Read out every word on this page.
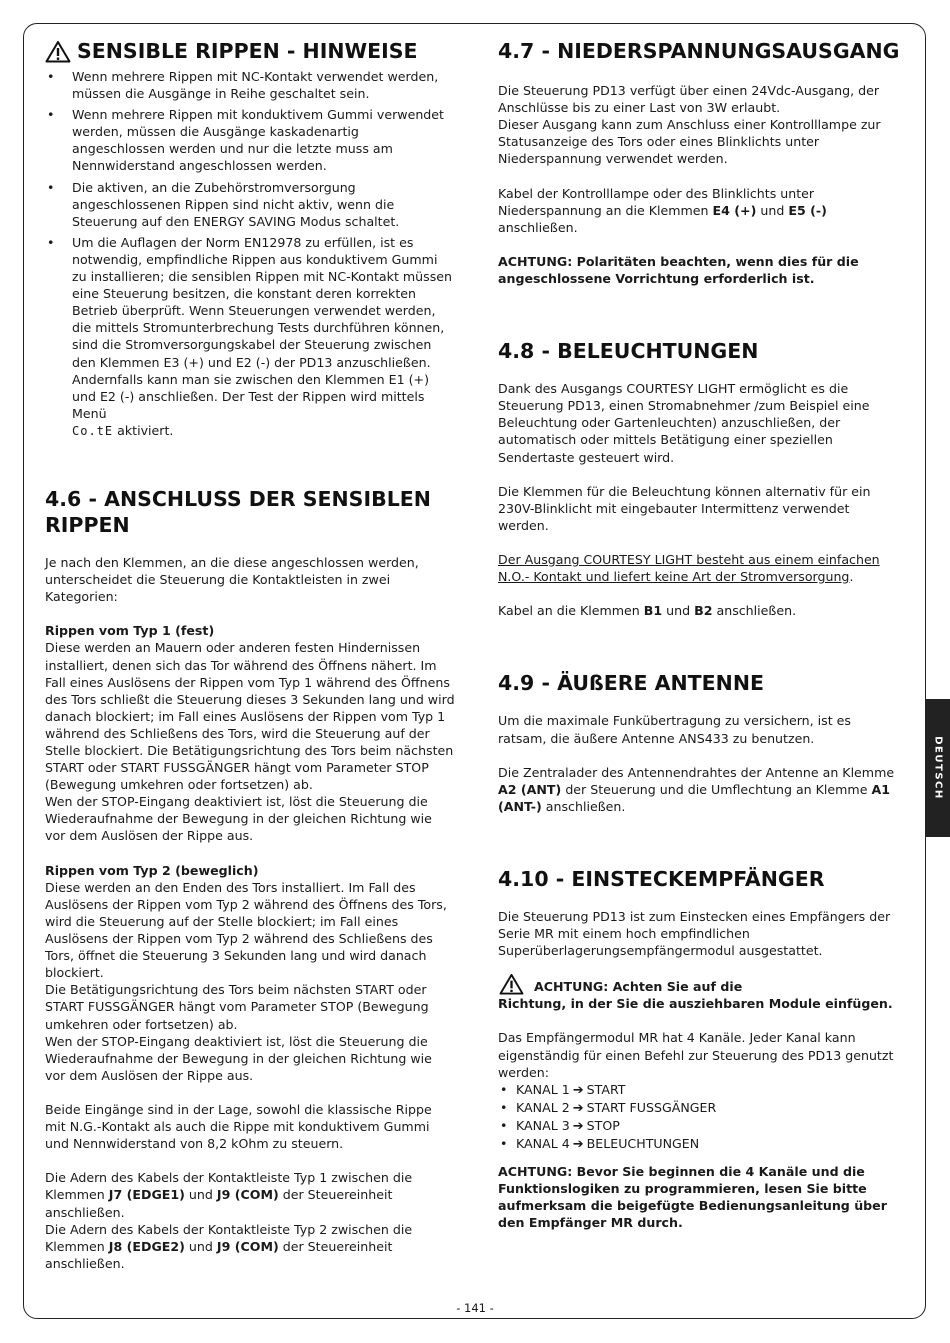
SENSIBLE RIPPEN - HINWEISE
• Wenn mehrere Rippen mit NC-Kontakt verwendet werden, müssen die Ausgänge in Reihe geschaltet sein.
• Wenn mehrere Rippen mit konduktivem Gummi verwendet werden, müssen die Ausgänge kaskadenartig angeschlossen werden und nur die letzte muss am Nennwiderstand angeschlossen werden.
• Die aktiven, an die Zubehörstromversorgung angeschlossenen Rippen sind nicht aktiv, wenn die Steuerung auf den ENERGY SAVING Modus schaltet.
• Um die Auflagen der Norm EN12978 zu erfüllen, ist es notwendig, empfindliche Rippen aus konduktivem Gummi zu installieren; die sensiblen Rippen mit NC-Kontakt müssen eine Steuerung besitzen, die konstant deren korrekten Betrieb überprüft. Wenn Steuerungen verwendet werden, die mittels Stromunterbrechung Tests durchführen können, sind die Stromversorgungskabel der Steuerung zwischen den Klemmen E3 (+) und E2 (-) der PD13 anzuschließen. Andernfalls kann man sie zwischen den Klemmen E1 (+) und E2 (-) anschließen. Der Test der Rippen wird mittels Menü
Co.tE aktiviert.
4.6 - ANSCHLUSS DER SENSIBLEN RIPPEN

Je nach den Klemmen, an die diese angeschlossen werden, unterscheidet die Steuerung die Kontaktleisten in zwei Kategorien:

Rippen vom Typ 1 (fest)

Diese werden an Mauern oder anderen festen Hindernissen installiert, denen sich das Tor während des Öffnens nähert. Im Fall eines Auslösens der Rippen vom Typ 1 während des Öffnens des Tors schließt die Steuerung dieses 3 Sekunden lang und wird danach blockiert; im Fall eines Auslösens der Rippen vom Typ 1 während des Schließens des Tors, wird die Steuerung auf der Stelle blockiert. Die Betätigungsrichtung des Tors beim nächsten START oder START FUSSGÄNGER hängt vom Parameter STOP (Bewegung umkehren oder fortsetzen) ab.

Wen der STOP-Eingang deaktiviert ist, löst die Steuerung die Wiederaufnahme der Bewegung in der gleichen Richtung wie vor dem Auslösen der Rippe aus.

Rippen vom Typ 2 (beweglich)

Diese werden an den Enden des Tors installiert. Im Fall des Auslösens der Rippen vom Typ 2 während des Öffnens des Tors, wird die Steuerung auf der Stelle blockiert; im Fall eines Auslösens der Rippen vom Typ 2 während des Schließens des Tors, öffnet die Steuerung 3 Sekunden lang und wird danach blockiert.

Die Betätigungsrichtung des Tors beim nächsten START oder START FUSSGÄNGER hängt vom Parameter STOP (Bewegung umkehren oder fortsetzen) ab.

Wen der STOP-Eingang deaktiviert ist, löst die Steuerung die Wiederaufnahme der Bewegung in der gleichen Richtung wie vor dem Auslösen der Rippe aus.

Beide Eingänge sind in der Lage, sowohl die klassische Rippe mit N.G.-Kontakt als auch die Rippe mit konduktivem Gummi und Nennwiderstand von 8,2 kOhm zu steuern.

Die Adern des Kabels der Kontaktleiste Typ 1 zwischen die Klemmen J7 (EDGE1) und J9 (COM) der Steuereinheit anschließen.

Die Adern des Kabels der Kontaktleiste Typ 2 zwischen die Klemmen J8 (EDGE2) und J9 (COM) der Steuereinheit anschließen.

4.7 - NIEDERSPANNUNGSAUSGANG

Die Steuerung PD13 verfügt über einen 24Vdc-Ausgang, der Anschlüsse bis zu einer Last von 3W erlaubt.

Dieser Ausgang kann zum Anschluss einer Kontrolllampe zur Statusanzeige des Tors oder eines Blinklichts unter Niederspannung verwendet werden.

Kabel der Kontrolllampe oder des Blinklichts unter Niederspannung an die Klemmen E4 (+) und E5 (-) anschließen.

ACHTUNG: Polaritäten beachten, wenn dies für die angeschlossene Vorrichtung erforderlich ist.

4.8 - BELEUCHTUNGEN

Dank des Ausgangs COURTESY LIGHT ermöglicht es die Steuerung PD13, einen Stromabnehmer /zum Beispiel eine Beleuchtung oder Gartenleuchten) anzuschließen, der automatisch oder mittels Betätigung einer speziellen Sendertaste gesteuert wird.

Die Klemmen für die Beleuchtung können alternativ für ein 230V-Blinklicht mit eingebauter Intermittenz verwendet werden.

Der Ausgang COURTESY LIGHT besteht aus einem einfachen N.O.- Kontakt und liefert keine Art der Stromversorgung.

Kabel an die Klemmen B1 und B2 anschließen.

4.9 - ÄUßERE ANTENNE

Um die maximale Funkübertragung zu versichern, ist es ratsam, die äußere Antenne ANS433 zu benutzen.

Die Zentralader des Antennendrahtes der Antenne an Klemme A2 (ANT) der Steuerung und die Umflechtung an Klemme A1 (ANT-) anschließen.

4.10 - EINSTECKEMPFÄNGER

Die Steuerung PD13 ist zum Einstecken eines Empfängers der Serie MR mit einem hoch empfindlichen Superüberlagerungsempfängermodul ausgestattet.

ACHTUNG: Achten Sie auf die

Richtung, in der Sie die ausziehbaren Module einfügen.

Das Empfängermodul MR hat 4 Kanäle. Jeder Kanal kann eigenständig für einen Befehl zur Steuerung des PD13 genutzt werden:

• KANAL 1 ➔ START
• KANAL 2 ➔ START FUSSGÄNGER
• KANAL 3 ➔ STOP
• KANAL 4 ➔ BELEUCHTUNGEN

ACHTUNG: Bevor Sie beginnen die 4 Kanäle und die Funktionslogiken zu programmieren, lesen Sie bitte aufmerksam die beigefügte Bedienungsanleitung über den Empfänger MR durch.

DEUTSCH
- 141 -
